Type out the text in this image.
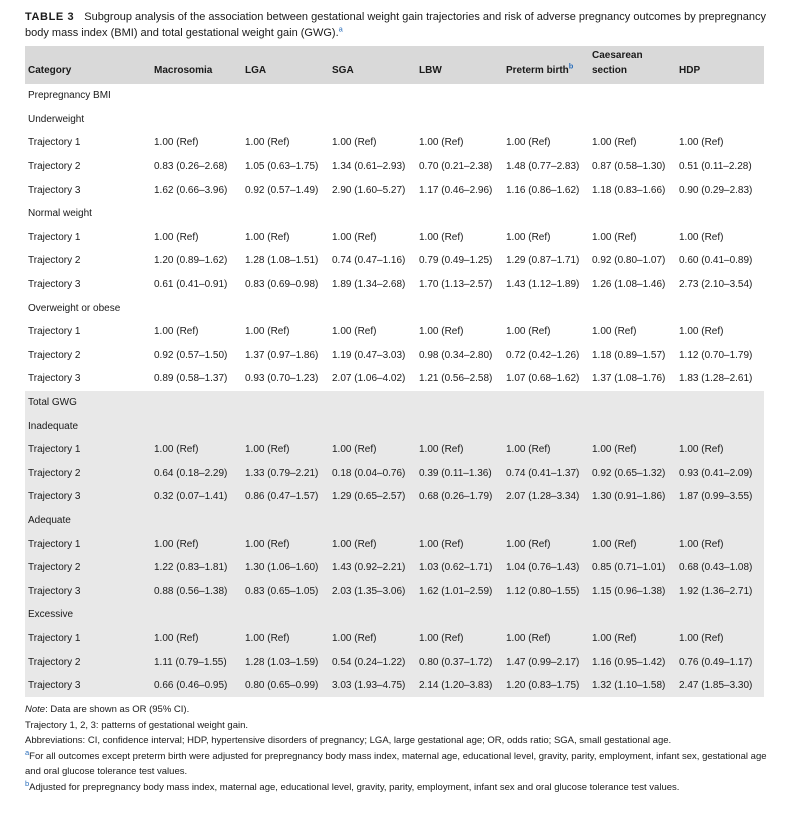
TABLE 3 Subgroup analysis of the association between gestational weight gain trajectories and risk of adverse pregnancy outcomes by prepregnancy body mass index (BMI) and total gestational weight gain (GWG).$^a$
Category	Macrosomia	LGA	SGA	LBW	Preterm birth$^b$	Caesarean section	HDP
Prepregnancy BMI							
Underweight							
Trajectory 1	1.00 (Ref)	1.00 (Ref)	1.00 (Ref)	1.00 (Ref)	1.00 (Ref)	1.00 (Ref)	1.00 (Ref)
Trajectory 2	0.83 (0.26–2.68)	1.05 (0.63–1.75)	1.34 (0.61–2.93)	0.70 (0.21–2.38)	1.48 (0.77–2.83)	0.87 (0.58–1.30)	0.51 (0.11–2.28)
Trajectory 3	1.62 (0.66–3.96)	0.92 (0.57–1.49)	2.90 (1.60–5.27)	1.17 (0.46–2.96)	1.16 (0.86–1.62)	1.18 (0.83–1.66)	0.90 (0.29–2.83)
Normal weight							
Trajectory 1	1.00 (Ref)	1.00 (Ref)	1.00 (Ref)	1.00 (Ref)	1.00 (Ref)	1.00 (Ref)	1.00 (Ref)
Trajectory 2	1.20 (0.89–1.62)	1.28 (1.08–1.51)	0.74 (0.47–1.16)	0.79 (0.49–1.25)	1.29 (0.87–1.71)	0.92 (0.80–1.07)	0.60 (0.41–0.89)
Trajectory 3	0.61 (0.41–0.91)	0.83 (0.69–0.98)	1.89 (1.34–2.68)	1.70 (1.13–2.57)	1.43 (1.12–1.89)	1.26 (1.08–1.46)	2.73 (2.10–3.54)
Overweight or obese							
Trajectory 1	1.00 (Ref)	1.00 (Ref)	1.00 (Ref)	1.00 (Ref)	1.00 (Ref)	1.00 (Ref)	1.00 (Ref)
Trajectory 2	0.92 (0.57–1.50)	1.37 (0.97–1.86)	1.19 (0.47–3.03)	0.98 (0.34–2.80)	0.72 (0.42–1.26)	1.18 (0.89–1.57)	1.12 (0.70–1.79)
Trajectory 3	0.89 (0.58–1.37)	0.93 (0.70–1.23)	2.07 (1.06–4.02)	1.21 (0.56–2.58)	1.07 (0.68–1.62)	1.37 (1.08–1.76)	1.83 (1.28–2.61)
Total GWG							
Inadequate							
Trajectory 1	1.00 (Ref)	1.00 (Ref)	1.00 (Ref)	1.00 (Ref)	1.00 (Ref)	1.00 (Ref)	1.00 (Ref)
Trajectory 2	0.64 (0.18–2.29)	1.33 (0.79–2.21)	0.18 (0.04–0.76)	0.39 (0.11–1.36)	0.74 (0.41–1.37)	0.92 (0.65–1.32)	0.93 (0.41–2.09)
Trajectory 3	0.32 (0.07–1.41)	0.86 (0.47–1.57)	1.29 (0.65–2.57)	0.68 (0.26–1.79)	2.07 (1.28–3.34)	1.30 (0.91–1.86)	1.87 (0.99–3.55)
Adequate							
Trajectory 1	1.00 (Ref)	1.00 (Ref)	1.00 (Ref)	1.00 (Ref)	1.00 (Ref)	1.00 (Ref)	1.00 (Ref)
Trajectory 2	1.22 (0.83–1.81)	1.30 (1.06–1.60)	1.43 (0.92–2.21)	1.03 (0.62–1.71)	1.04 (0.76–1.43)	0.85 (0.71–1.01)	0.68 (0.43–1.08)
Trajectory 3	0.88 (0.56–1.38)	0.83 (0.65–1.05)	2.03 (1.35–3.06)	1.62 (1.01–2.59)	1.12 (0.80–1.55)	1.15 (0.96–1.38)	1.92 (1.36–2.71)
Excessive							
Trajectory 1	1.00 (Ref)	1.00 (Ref)	1.00 (Ref)	1.00 (Ref)	1.00 (Ref)	1.00 (Ref)	1.00 (Ref)
Trajectory 2	1.11 (0.79–1.55)	1.28 (1.03–1.59)	0.54 (0.24–1.22)	0.80 (0.37–1.72)	1.47 (0.99–2.17)	1.16 (0.95–1.42)	0.76 (0.49–1.17)
Trajectory 3	0.66 (0.46–0.95)	0.80 (0.65–0.99)	3.03 (1.93–4.75)	2.14 (1.20–3.83)	1.20 (0.83–1.75)	1.32 (1.10–1.58)	2.47 (1.85–3.30)

Note: Data are shown as OR (95% CI).

Trajectory 1, 2, 3: patterns of gestational weight gain.

Abbreviations: CI, confidence interval; HDP, hypertensive disorders of pregnancy; LGA, large gestational age; OR, odds ratio; SGA, small gestational age.

$^a$For all outcomes except preterm birth were adjusted for prepregnancy body mass index, maternal age, educational level, gravity, parity, employment, infant sex, gestational age and oral glucose tolerance test values.

$^b$Adjusted for prepregnancy body mass index, maternal age, educational level, gravity, parity, employment, infant sex and oral glucose tolerance test values.
